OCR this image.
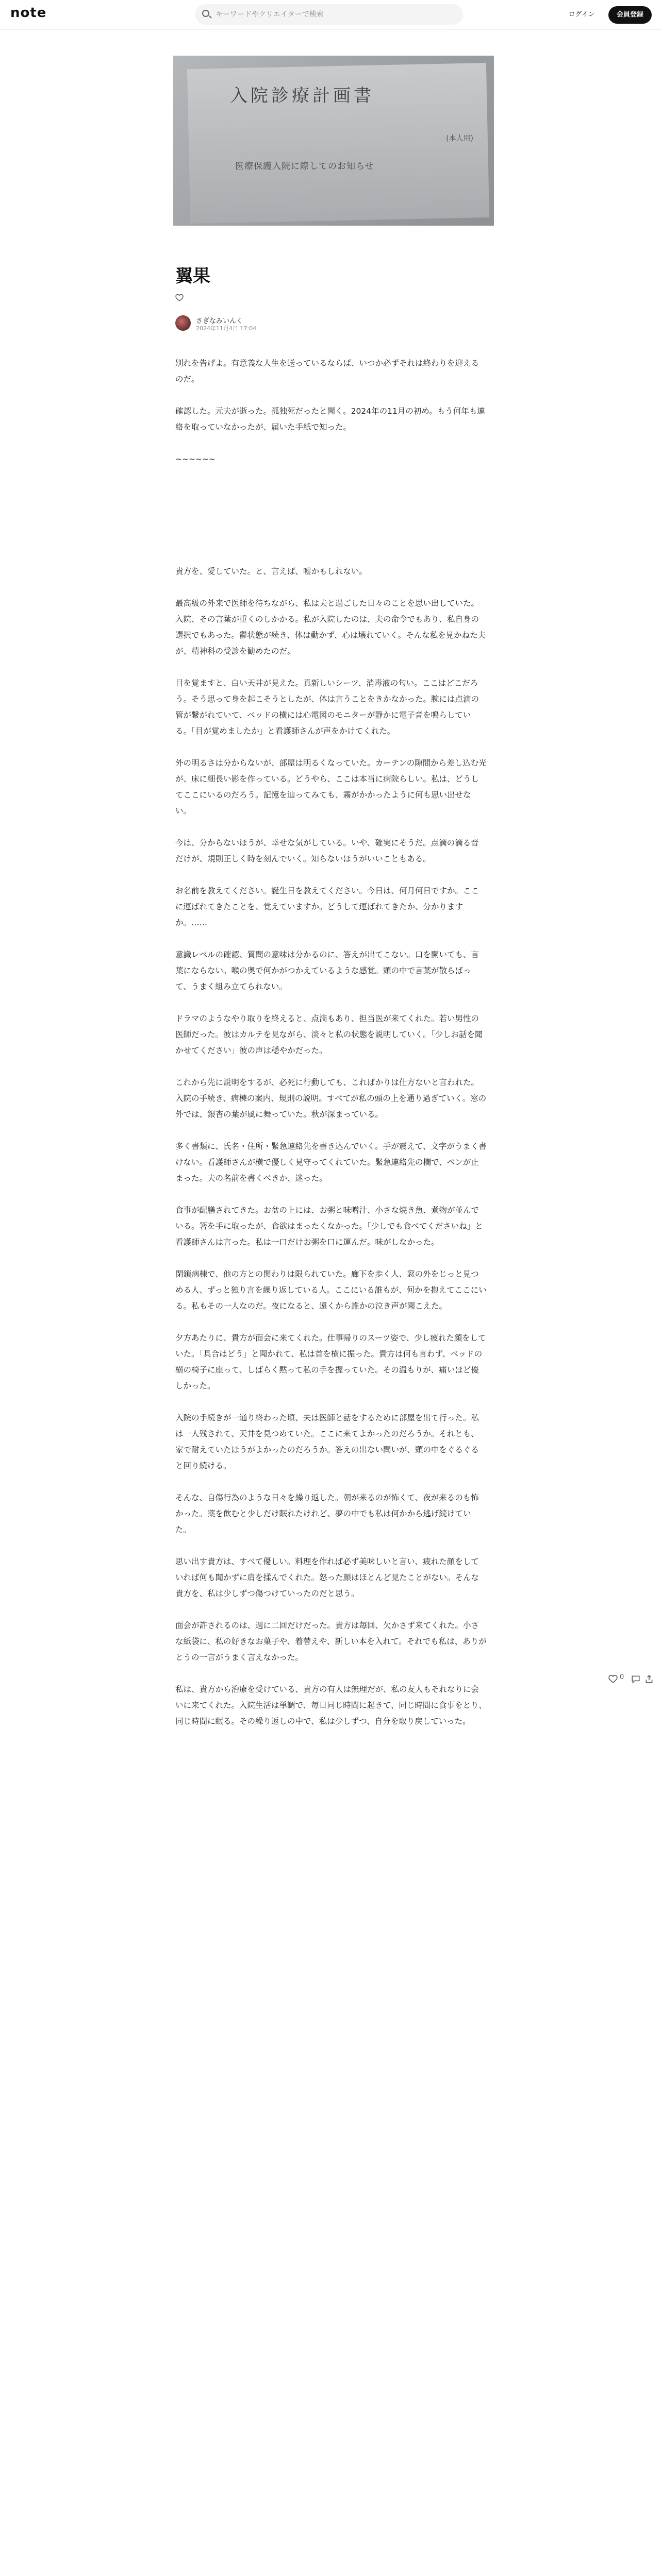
note
キーワードやクリエイターで検索	ログイン	会員登録
入院診療計画書
(本人用)
医療保護入院に際してのお知らせ
翼果
さぎなみいんく
2024年11月4日 17:04

別れを告げよ。有意義な人生を送っているならば、いつか必ずそれは終わりを迎えるのだ。

確認した。元夫が逝った。孤独死だったと聞く。2024年の11月の初め。もう何年も連絡を取っていなかったが、届いた手紙で知った。

~~~~~~

貴方を、愛していた。と、言えば、嘘かもしれない。

最高級の外来で医師を待ちながら、私は夫と過ごした日々のことを思い出していた。入院、その言葉が重くのしかかる。私が入院したのは、夫の命令でもあり、私自身の選択でもあった。鬱状態が続き、体は動かず、心は壊れていく。そんな私を見かねた夫が、精神科の受診を勧めたのだ。

目を覚ますと、白い天井が見えた。真新しいシーツ、消毒液の匂い。ここはどこだろう。そう思って身を起こそうとしたが、体は言うことをきかなかった。腕には点滴の管が繋がれていて、ベッドの横には心電図のモニターが静かに電子音を鳴らしている。「目が覚めましたか」と看護師さんが声をかけてくれた。

外の明るさは分からないが、部屋は明るくなっていた。カーテンの隙間から差し込む光が、床に細長い影を作っている。どうやら、ここは本当に病院らしい。私は、どうしてここにいるのだろう。記憶を辿ってみても、霧がかかったように何も思い出せない。

今は、分からないほうが、幸せな気がしている。いや、確実にそうだ。点滴の滴る音だけが、規則正しく時を刻んでいく。知らないほうがいいこともある。

お名前を教えてください。誕生日を教えてください。今日は、何月何日ですか。ここに運ばれてきたことを、覚えていますか。どうして運ばれてきたか、分かりますか。……

意識レベルの確認、質問の意味は分かるのに、答えが出てこない。口を開いても、言葉にならない。喉の奥で何かがつかえているような感覚。頭の中で言葉が散らばって、うまく組み立てられない。

ドラマのようなやり取りを終えると、点滴もあり、担当医が来てくれた。若い男性の医師だった。彼はカルテを見ながら、淡々と私の状態を説明していく。「少しお話を聞かせてください」彼の声は穏やかだった。

これから先に説明をするが、必死に行動しても、こればかりは仕方ないと言われた。入院の手続き、病棟の案内、規則の説明。すべてが私の頭の上を通り過ぎていく。窓の外では、銀杏の葉が風に舞っていた。秋が深まっている。

多く書類に、氏名・住所・緊急連絡先を書き込んでいく。手が震えて、文字がうまく書けない。看護師さんが横で優しく見守ってくれていた。緊急連絡先の欄で、ペンが止まった。夫の名前を書くべきか、迷った。

食事が配膳されてきた。お盆の上には、お粥と味噌汁、小さな焼き魚、煮物が並んでいる。箸を手に取ったが、食欲はまったくなかった。「少しでも食べてくださいね」と看護師さんは言った。私は一口だけお粥を口に運んだ。味がしなかった。

閉鎖病棟で、他の方との関わりは限られていた。廊下を歩く人、窓の外をじっと見つめる人、ずっと独り言を繰り返している人。ここにいる誰もが、何かを抱えてここにいる。私もその一人なのだ。夜になると、遠くから誰かの泣き声が聞こえた。

夕方あたりに、貴方が面会に来てくれた。仕事帰りのスーツ姿で、少し疲れた顔をしていた。「具合はどう」と聞かれて、私は首を横に振った。貴方は何も言わず、ベッドの横の椅子に座って、しばらく黙って私の手を握っていた。その温もりが、痛いほど優しかった。

入院の手続きが一通り終わった頃、夫は医師と話をするために部屋を出て行った。私は一人残されて、天井を見つめていた。ここに来てよかったのだろうか。それとも、家で耐えていたほうがよかったのだろうか。答えの出ない問いが、頭の中をぐるぐると回り続ける。

そんな、自傷行為のような日々を繰り返した。朝が来るのが怖くて、夜が来るのも怖かった。薬を飲むと少しだけ眠れたけれど、夢の中でも私は何かから逃げ続けていた。

思い出す貴方は、すべて優しい。料理を作れば必ず美味しいと言い、疲れた顔をしていれば何も聞かずに肩を揉んでくれた。怒った顔はほとんど見たことがない。そんな貴方を、私は少しずつ傷つけていったのだと思う。

面会が許されるのは、週に二回だけだった。貴方は毎回、欠かさず来てくれた。小さな紙袋に、私の好きなお菓子や、着替えや、新しい本を入れて。それでも私は、ありがとうの一言がうまく言えなかった。

私は、貴方から治療を受けている、貴方の有人は無理だが、私の友人もそれなりに会いに来てくれた。入院生活は単調で、毎日同じ時間に起きて、同じ時間に食事をとり、同じ時間に眠る。その繰り返しの中で、私は少しずつ、自分を取り戻していった。

0
